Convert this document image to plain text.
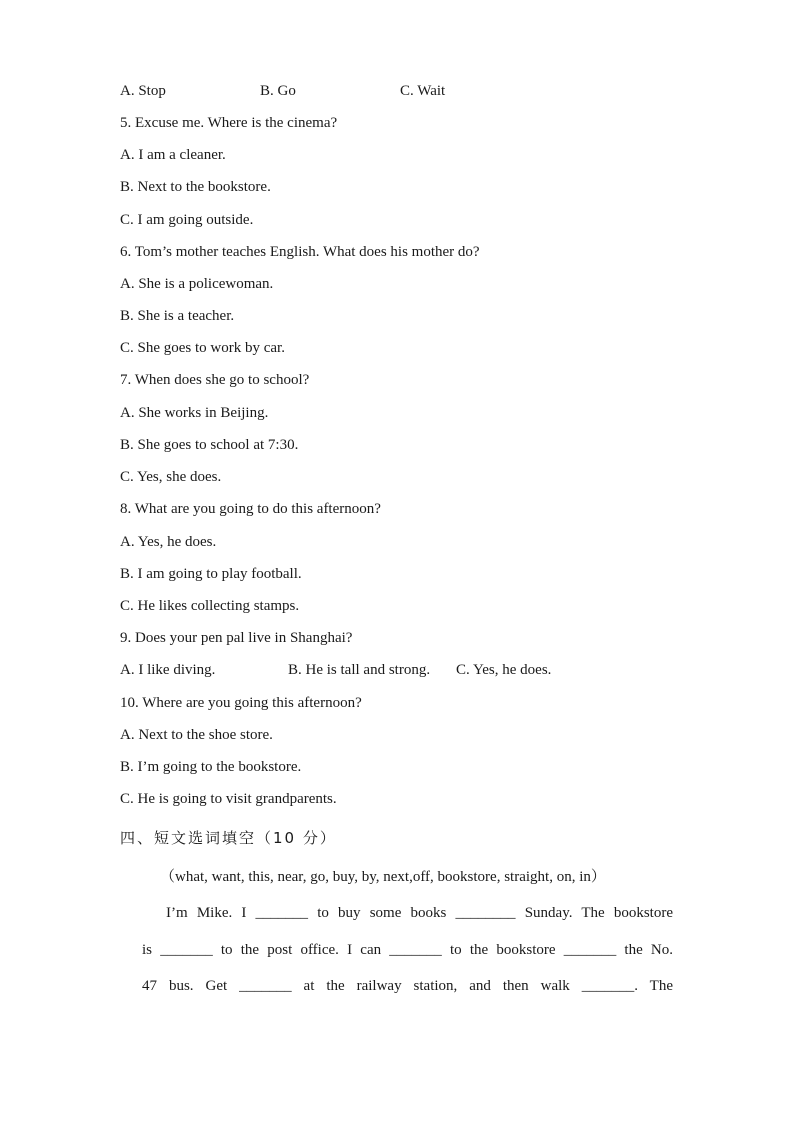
A. Stop	B. Go	C. Wait
5. Excuse me. Where is the cinema?
A. I am a cleaner.
B. Next to the bookstore.
C. I am going outside.
6. Tom’s mother teaches English. What does his mother do?
A. She is a policewoman.
B. She is a teacher.
C. She goes to work by car.
7. When does she go to school?
A. She works in Beijing.
B. She goes to school at 7:30.
C. Yes, she does.
8. What are you going to do this afternoon?
A. Yes, he does.
B. I am going to play football.
C. He likes collecting stamps.
9. Does your pen pal live in Shanghai?
A. I like diving.	B. He is tall and strong. C. Yes, he does.
10. Where are you going this afternoon?
A. Next to the shoe store.
B. I’m going to the bookstore.
C. He is going to visit grandparents.
四、短文选词填空（10 分）
（what, want, this, near, go, buy, by, next,off, bookstore, straight, on, in）
I’m Mike. I _______ to buy some books ________ Sunday. The bookstore
is _______ to the post office. I can _______ to the bookstore _______ the No.
47 bus. Get _______ at the railway station, and then walk _______. The
